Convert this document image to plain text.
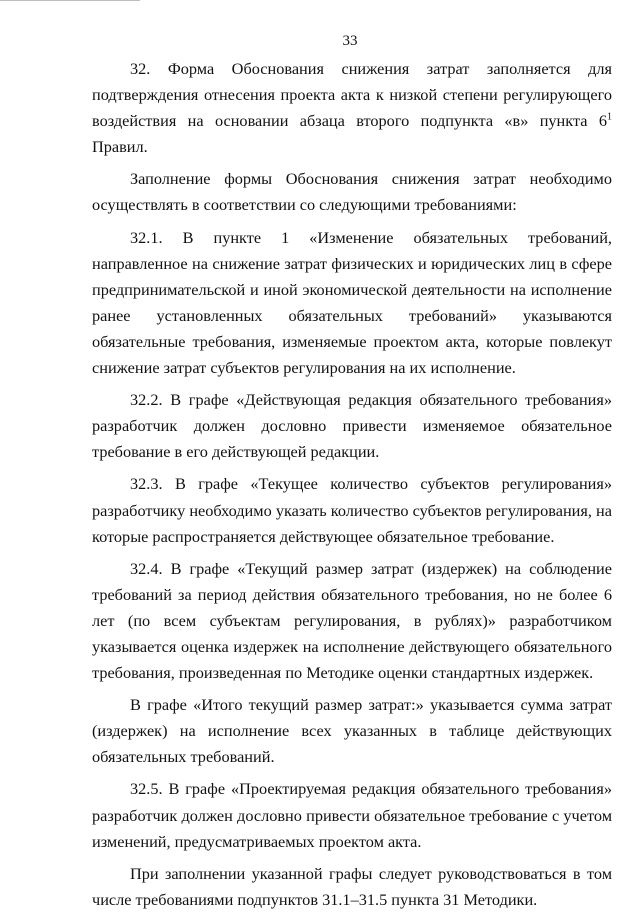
33

32. Форма Обоснования снижения затрат заполняется для подтверждения отнесения проекта акта к низкой степени регулирующего воздействия на основании абзаца второго подпункта «в» пункта $6^1$ Правил.

Заполнение формы Обоснования снижения затрат необходимо осуществлять в соответствии со следующими требованиями:

32.1. В пункте 1 «Изменение обязательных требований, направленное на снижение затрат физических и юридических лиц в сфере предпринимательской и иной экономической деятельности на исполнение ранее установленных обязательных требований» указываются обязательные требования, изменяемые проектом акта, которые повлекут снижение затрат субъектов регулирования на их исполнение.

32.2. В графе «Действующая редакция обязательного требования» разработчик должен дословно привести изменяемое обязательное требование в его действующей редакции.

32.3. В графе «Текущее количество субъектов регулирования» разработчику необходимо указать количество субъектов регулирования, на которые распространяется действующее обязательное требование.

32.4. В графе «Текущий размер затрат (издержек) на соблюдение требований за период действия обязательного требования, но не более 6 лет (по всем субъектам регулирования, в рублях)» разработчиком указывается оценка издержек на исполнение действующего обязательного требования, произведенная по Методике оценки стандартных издержек.

В графе «Итого текущий размер затрат:» указывается сумма затрат (издержек) на исполнение всех указанных в таблице действующих обязательных требований.

32.5. В графе «Проектируемая редакция обязательного требования» разработчик должен дословно привести обязательное требование с учетом изменений, предусматриваемых проектом акта.

При заполнении указанной графы следует руководствоваться в том числе требованиями подпунктов 31.1–31.5 пункта 31 Методики.
